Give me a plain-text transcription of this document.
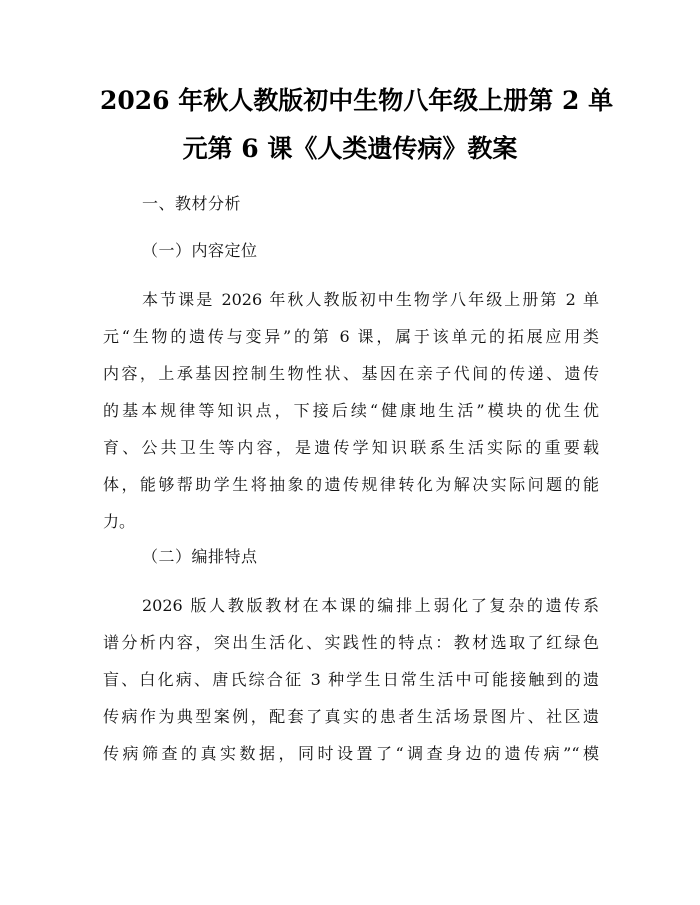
2026 年秋人教版初中生物八年级上册第 2 单
元第 6 课《人类遗传病》教案
一、教材分析
（一）内容定位
本节课是 2026 年秋人教版初中生物学八年级上册第 2 单
元“生物的遗传与变异”的第 6 课，属于该单元的拓展应用类
内容，上承基因控制生物性状、基因在亲子代间的传递、遗传
的基本规律等知识点，下接后续“健康地生活”模块的优生优
育、公共卫生等内容，是遗传学知识联系生活实际的重要载
体，能够帮助学生将抽象的遗传规律转化为解决实际问题的能
力。
（二）编排特点
2026 版人教版教材在本课的编排上弱化了复杂的遗传系
谱分析内容，突出生活化、实践性的特点：教材选取了红绿色
盲、白化病、唐氏综合征 3 种学生日常生活中可能接触到的遗
传病作为典型案例，配套了真实的患者生活场景图片、社区遗
传病筛查的真实数据，同时设置了“调查身边的遗传病”“模
